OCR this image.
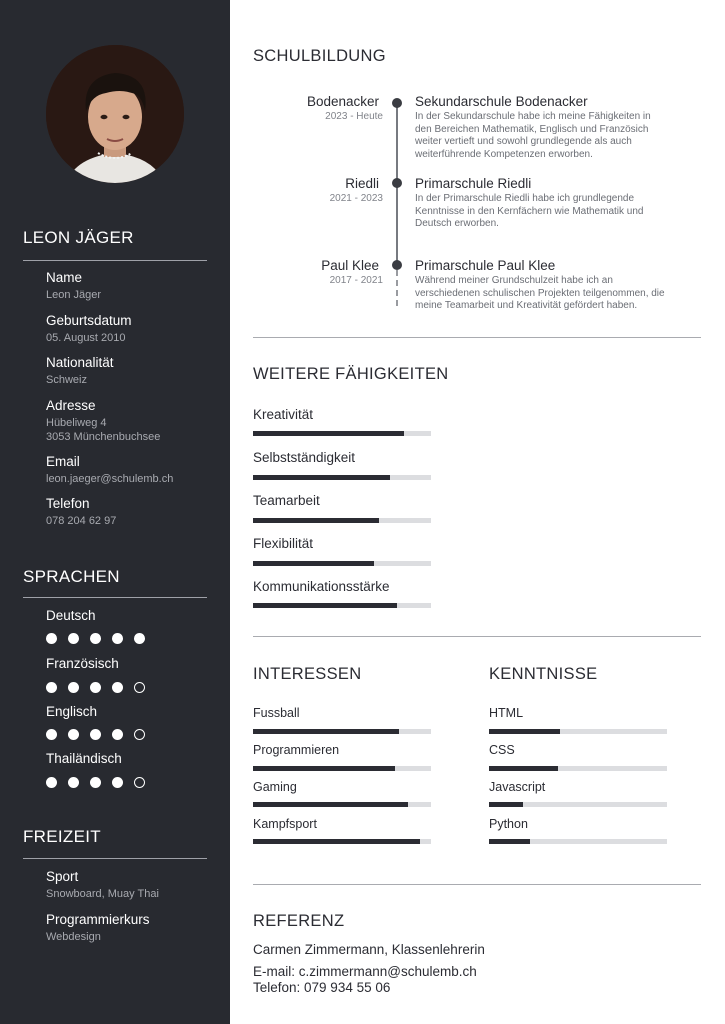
LEON JÄGER
Name
Leon Jäger
Geburtsdatum
05. August 2010
Nationalität
Schweiz
Adresse
Hübeliweg 4
3053 Münchenbuchsee
Email
leon.jaeger@schulemb.ch
Telefon
078 204 62 97
SPRACHEN
Deutsch
Französisch
Englisch
Thailändisch
FREIZEIT
Sport
Snowboard, Muay Thai
Programmierkurs
Webdesign
SCHULBILDUNG
Bodenacker
2023 - Heute
Sekundarschule Bodenacker
In der Sekundarschule habe ich meine Fähigkeiten in den Bereichen Mathematik, Englisch und Französich weiter vertieft und sowohl grundlegende als auch weiterführende Kompetenzen erworben.
Riedli
2021 - 2023
Primarschule Riedli
In der Primarschule Riedli habe ich grundlegende Kenntnisse in den Kernfächern wie Mathematik und Deutsch erworben.
Paul Klee
2017 - 2021
Primarschule Paul Klee
Während meiner Grundschulzeit habe ich an verschiedenen schulischen Projekten teilgenommen, die meine Teamarbeit und Kreativität gefördert haben.
WEITERE FÄHIGKEITEN
Kreativität
Selbstständigkeit
Teamarbeit
Flexibilität
Kommunikationsstärke
INTERESSEN
Fussball
Programmieren
Gaming
Kampfsport
KENNTNISSE
HTML
CSS
Javascript
Python
REFERENZ
Carmen Zimmermann, Klassenlehrerin
E-mail: c.zimmermann@schulemb.ch
Telefon: 079 934 55 06
